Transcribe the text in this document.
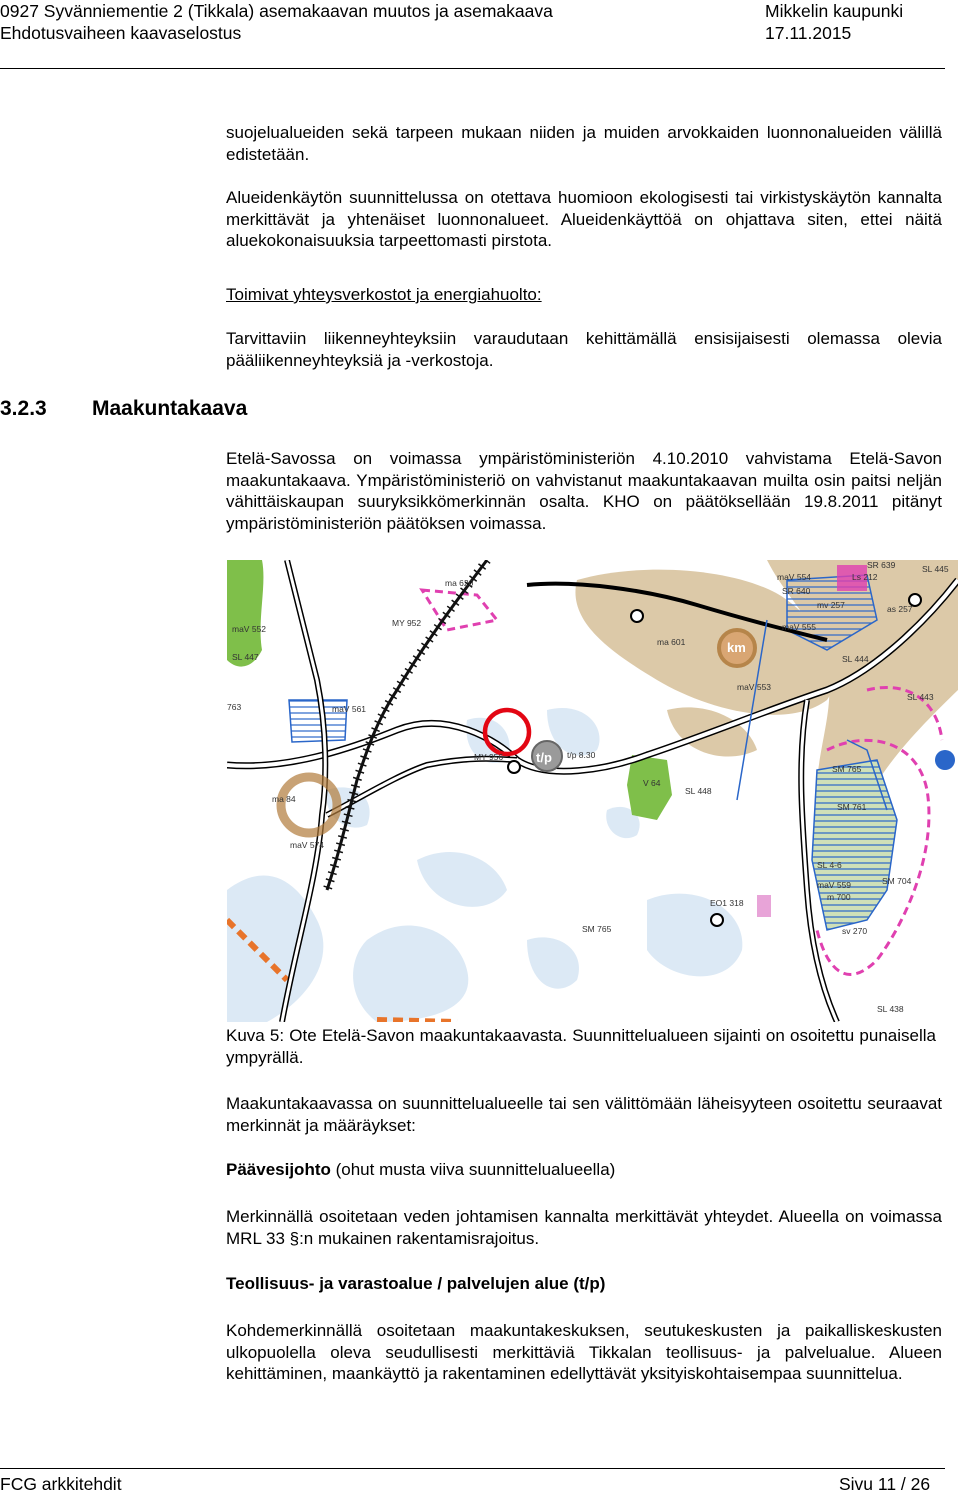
0927 Syvänniementie 2 (Tikkala) asemakaavan muutos ja asemakaava
Ehdotusvaiheen kaavaselostus
Mikkelin kaupunki
17.11.2015

suojelualueiden sekä tarpeen mukaan niiden ja muiden arvokkaiden luonnonalueiden välillä edistetään.

Alueidenkäytön suunnittelussa on otettava huomioon ekologisesti tai virkistyskäytön kannalta merkittävät ja yhtenäiset luonnonalueet. Alueidenkäyttöä on ohjattava siten, ettei näitä aluekokonaisuuksia tarpeettomasti pirstota.

Toimivat yhteysverkostot ja energiahuolto:

Tarvittaviin liikenneyhteyksiin varaudutaan kehittämällä ensisijaisesti olemassa olevia pääliikenneyhteyksiä ja -verkostoja.

3.2.3 Maakuntakaava

Etelä-Savossa on voimassa ympäristöministeriön 4.10.2010 vahvistama Etelä-Savon maakuntakaava. Ympäristöministeriö on vahvistanut maakuntakaavan muilta osin paitsi neljän vähittäiskaupan suuryksikkömerkinnän osalta. KHO on päätöksellään 19.8.2011 pitänyt ympäristöministeriön päätöksen voimassa.

ma 620
MY 952
ma 601
MY 956	t/p 8.30
t/p
V 64
SL 448
SL 447
maV 561
ma 84
maV 574
763
maV 552
EO1 318
SM 765
SR 639
Ls 212
SL 445
maV 554
SR 640
mv 257
maV 555
SL 444
SM 765
SM 761
SL 4-6
maV 559	SM 704
SL 438
m 700
sv 270
as 257
maV 553
SL 443
km

Kuva 5: Ote Etelä-Savon maakuntakaavasta. Suunnittelualueen sijainti on osoitettu punaisella ympyrällä.

Maakuntakaavassa on suunnittelualueelle tai sen välittömään läheisyyteen osoitettu seuraavat merkinnät ja määräykset:

Päävesijohto (ohut musta viiva suunnittelualueella)

Merkinnällä osoitetaan veden johtamisen kannalta merkittävät yhteydet. Alueella on voimassa MRL 33 §:n mukainen rakentamisrajoitus.

Teollisuus- ja varastoalue / palvelujen alue (t/p)

Kohdemerkinnällä osoitetaan maakuntakeskuksen, seutukeskusten ja paikalliskeskusten ulkopuolella oleva seudullisesti merkittäviä Tikkalan teollisuus- ja palvelualue. Alueen kehittäminen, maankäyttö ja rakentaminen edellyttävät yksityiskohtaisempaa suunnittelua.

FCG arkkitehdit	Sivu 11 / 26
